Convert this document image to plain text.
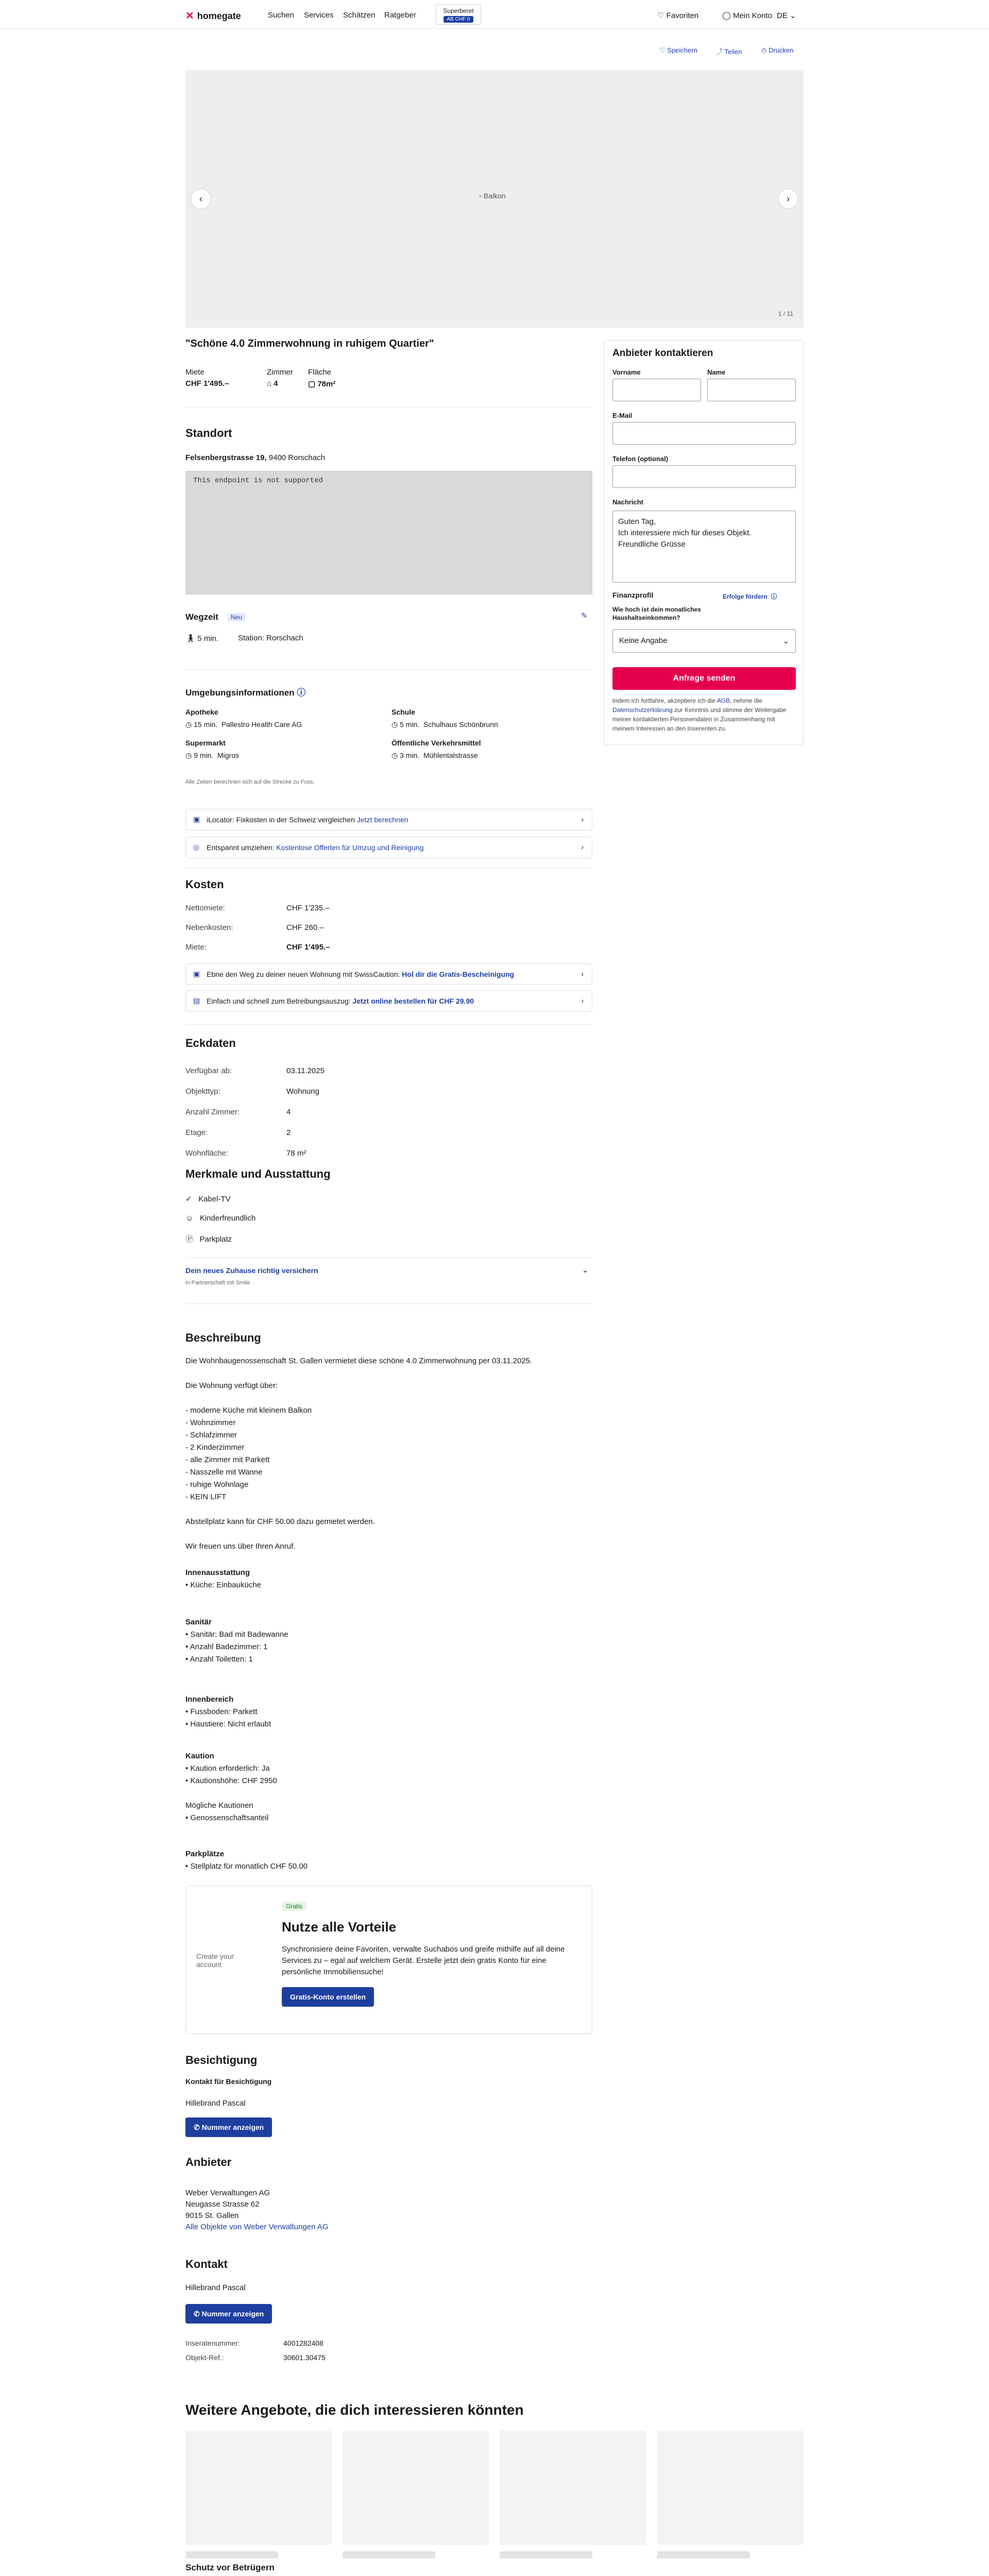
✕ homegate	Suchen Services Schätzen Ratgeber	Superberet
AB CHF 0	♡ Favoriten	◯ Mein Konto DE ⌄
♡ Speichern	⤴ Teilen	⎙ Drucken
‹	›
▫ Balkon
1 / 11
"Schöne 4.0 Zimmerwohnung in ruhigem Quartier"
Miete
CHF 1'495.–
Zimmer
⌂ 4
Fläche
▢ 78m²
Standort
Felsenbergstrasse 19, 9400 Rorschach
This endpoint is not supported
Wegzeit	Neu	✎
🚶︎ 5 min.	Station: Rorschach
Umgebungsinformationen ⓘ
Apotheke
◷ 15 min. Pallestro Health Care AG
Schule
◷ 5 min. Schulhaus Schönbrunn
Supermarkt
◷ 9 min. Migros
Öffentliche Verkehrsmittel
◷ 3 min. Mühlentalstrasse
Alle Zeiten berechnen sich auf die Strecke zu Fuss.
▣ iLocator: Fixkosten in der Schweiz vergleichen Jetzt berechnen	›
◎ Entspannt umziehen: Kostenlose Offerten für Umzug und Reinigung	›
Kosten
Nettomiete:	CHF 1'235.–
Nebenkosten:	CHF 260.–
Miete:	CHF 1'495.–
▣ Ebne den Weg zu deiner neuen Wohnung mit SwissCaution: Hol dir die Gratis-Bescheinigung	›
▤ Einfach und schnell zum Betreibungsauszug: Jetzt online bestellen für CHF 29.90	›
Eckdaten
Verfügbar ab:	03.11.2025
Objekttyp:	Wohnung
Anzahl Zimmer:	4
Etage:	2
Wohnfläche:	78 m²
Merkmale und Ausstattung
✓   Kabel-TV
☺   Kinderfreundlich
Ⓟ   Parkplatz
Dein neues Zuhause richtig versichern	⌄
in Partnerschaft mit Smile
Beschreibung
Die Wohnbaugenossenschaft St. Gallen vermietet diese schöne 4.0 Zimmerwohnung per 03.11.2025.

Die Wohnung verfügt über:

- moderne Küche mit kleinem Balkon
- Wohnzimmer
- Schlafzimmer
- 2 Kinderzimmer
- alle Zimmer mit Parkett
- Nasszelle mit Wanne
- ruhige Wohnlage
- KEIN LIFT

Abstellplatz kann für CHF 50.00 dazu gemietet werden.

Wir freuen uns über Ihren Anruf.
Innenausstattung
• Küche: Einbauküche
Sanitär
• Sanitär: Bad mit Badewanne
• Anzahl Badezimmer: 1
• Anzahl Toiletten: 1
Innenbereich
• Fussboden: Parkett
• Haustiere: Nicht erlaubt
Kaution
• Kaution erforderlich: Ja
• Kautionshöhe: CHF 2950
Mögliche Kautionen
• Genossenschaftsanteil
Parkplätze
• Stellplatz für monatlich CHF 50.00
Create your account
Gratis
Nutze alle Vorteile
Synchronisiere deine Favoriten, verwalte Suchabos und greife mithilfe auf all deine Services zu – egal auf welchem Gerät. Erstelle jetzt dein gratis Konto für eine persönliche Immobiliensuche!
Gratis-Konto erstellen
Besichtigung
Kontakt für Besichtigung
Hillebrand Pascal
✆ Nummer anzeigen
Anbieter
Weber Verwaltungen AG
Neugasse Strasse 62
9015 St. Gallen
Alle Objekte von Weber Verwaltungen AG
Kontakt
Hillebrand Pascal
✆ Nummer anzeigen
Inseratenummer:	4001282408
Objekt-Ref.:	30601.30475
Weitere Angebote, die dich interessieren könnten
Schutz vor Betrügern
Anbieter kontaktieren
Vorname	Name
E-Mail
Telefon (optional)
Nachricht
Guten Tag,
Ich interessiere mich für dieses Objekt.
Freundliche Grüsse
Finanzprofil	Erfolge fördern ⓘ
Wie hoch ist dein monatliches Haushaltseinkommen?
Keine Angabe	⌄
Anfrage senden
Indem ich fortfahre, akzeptiere ich die AGB, nehme die Datenschutzerklärung zur Kenntnis und stimme der Weitergabe meiner kontaktierten Personendaten in Zusammenhang mit meinem Interessen an den Inserenten zu.
